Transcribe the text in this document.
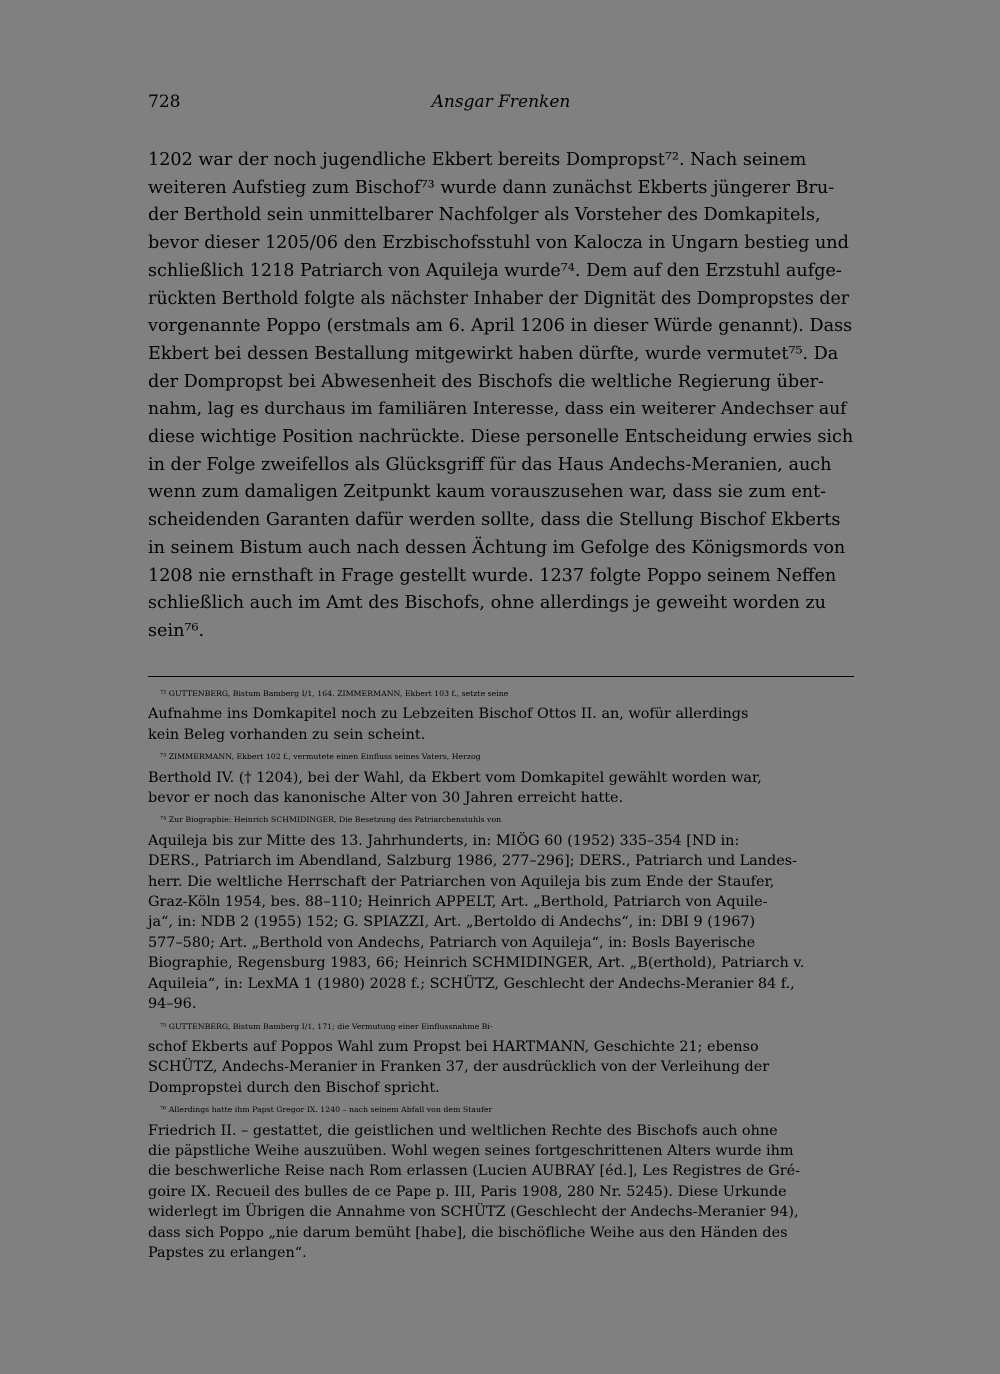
728	Ansgar Frenken
1202 war der noch jugendliche Ekbert bereits Dompropst⁷². Nach seinem
weiteren Aufstieg zum Bischof⁷³ wurde dann zunächst Ekberts jüngerer Bru-
der Berthold sein unmittelbarer Nachfolger als Vorsteher des Domkapitels,
bevor dieser 1205/06 den Erzbischofsstuhl von Kalocza in Ungarn bestieg und
schließlich 1218 Patriarch von Aquileja wurde⁷⁴. Dem auf den Erzstuhl aufge-
rückten Berthold folgte als nächster Inhaber der Dignität des Dompropstes der
vorgenannte Poppo (erstmals am 6. April 1206 in dieser Würde genannt). Dass
Ekbert bei dessen Bestallung mitgewirkt haben dürfte, wurde vermutet⁷⁵. Da
der Dompropst bei Abwesenheit des Bischofs die weltliche Regierung über-
nahm, lag es durchaus im familiären Interesse, dass ein weiterer Andechser auf
diese wichtige Position nachrückte. Diese personelle Entscheidung erwies sich
in der Folge zweifellos als Glücksgriff für das Haus Andechs-Meranien, auch
wenn zum damaligen Zeitpunkt kaum vorauszusehen war, dass sie zum ent-
scheidenden Garanten dafür werden sollte, dass die Stellung Bischof Ekberts
in seinem Bistum auch nach dessen Ächtung im Gefolge des Königsmords von
1208 nie ernsthaft in Frage gestellt wurde. 1237 folgte Poppo seinem Neffen
schließlich auch im Amt des Bischofs, ohne allerdings je geweiht worden zu
sein⁷⁶.
⁷² GUTTENBERG, Bistum Bamberg I/1, 164. ZIMMERMANN, Ekbert 103 f., setzte seine
Aufnahme ins Domkapitel noch zu Lebzeiten Bischof Ottos II. an, wofür allerdings
kein Beleg vorhanden zu sein scheint.
⁷³ ZIMMERMANN, Ekbert 102 f., vermutete einen Einfluss seines Vaters, Herzog
Berthold IV. († 1204), bei der Wahl, da Ekbert vom Domkapitel gewählt worden war,
bevor er noch das kanonische Alter von 30 Jahren erreicht hatte.
⁷⁴ Zur Biographie: Heinrich SCHMIDINGER, Die Besetzung des Patriarchenstuhls von
Aquileja bis zur Mitte des 13. Jahrhunderts, in: MIÖG 60 (1952) 335–354 [ND in:
DERS., Patriarch im Abendland, Salzburg 1986, 277–296]; DERS., Patriarch und Landes-
herr. Die weltliche Herrschaft der Patriarchen von Aquileja bis zum Ende der Staufer,
Graz-Köln 1954, bes. 88–110; Heinrich APPELT, Art. „Berthold, Patriarch von Aquile-
ja“, in: NDB 2 (1955) 152; G. SPIAZZI, Art. „Bertoldo di Andechs“, in: DBI 9 (1967)
577–580; Art. „Berthold von Andechs, Patriarch von Aquileja“, in: Bosls Bayerische
Biographie, Regensburg 1983, 66; Heinrich SCHMIDINGER, Art. „B(erthold), Patriarch v.
Aquileia“, in: LexMA 1 (1980) 2028 f.; SCHÜTZ, Geschlecht der Andechs-Meranier 84 f.,
94–96.
⁷⁵ GUTTENBERG, Bistum Bamberg I/1, 171; die Vermutung einer Einflussnahme Bi-
schof Ekberts auf Poppos Wahl zum Propst bei HARTMANN, Geschichte 21; ebenso
SCHÜTZ, Andechs-Meranier in Franken 37, der ausdrücklich von der Verleihung der
Dompropstei durch den Bischof spricht.
⁷⁶ Allerdings hatte ihm Papst Gregor IX. 1240 – nach seinem Abfall von dem Staufer
Friedrich II. – gestattet, die geistlichen und weltlichen Rechte des Bischofs auch ohne
die päpstliche Weihe auszuüben. Wohl wegen seines fortgeschrittenen Alters wurde ihm
die beschwerliche Reise nach Rom erlassen (Lucien AUBRAY [éd.], Les Registres de Gré-
goire IX. Recueil des bulles de ce Pape p. III, Paris 1908, 280 Nr. 5245). Diese Urkunde
widerlegt im Übrigen die Annahme von SCHÜTZ (Geschlecht der Andechs-Meranier 94),
dass sich Poppo „nie darum bemüht [habe], die bischöfliche Weihe aus den Händen des
Papstes zu erlangen“.
